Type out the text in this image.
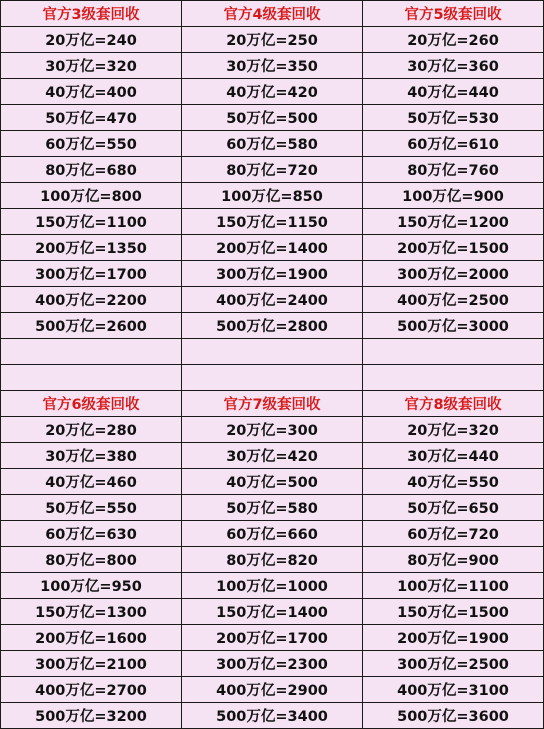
官方3级套回收	官方4级套回收	官方5级套回收
20万亿=240	20万亿=250	20万亿=260
30万亿=320	30万亿=350	30万亿=360
40万亿=400	40万亿=420	40万亿=440
50万亿=470	50万亿=500	50万亿=530
60万亿=550	60万亿=580	60万亿=610
80万亿=680	80万亿=720	80万亿=760
100万亿=800	100万亿=850	100万亿=900
150万亿=1100	150万亿=1150	150万亿=1200
200万亿=1350	200万亿=1400	200万亿=1500
300万亿=1700	300万亿=1900	300万亿=2000
400万亿=2200	400万亿=2400	400万亿=2500
500万亿=2600	500万亿=2800	500万亿=3000

官方6级套回收	官方7级套回收	官方8级套回收
20万亿=280	20万亿=300	20万亿=320
30万亿=380	30万亿=420	30万亿=440
40万亿=460	40万亿=500	40万亿=550
50万亿=550	50万亿=580	50万亿=650
60万亿=630	60万亿=660	60万亿=720
80万亿=800	80万亿=820	80万亿=900
100万亿=950	100万亿=1000	100万亿=1100
150万亿=1300	150万亿=1400	150万亿=1500
200万亿=1600	200万亿=1700	200万亿=1900
300万亿=2100	300万亿=2300	300万亿=2500
400万亿=2700	400万亿=2900	400万亿=3100
500万亿=3200	500万亿=3400	500万亿=3600
